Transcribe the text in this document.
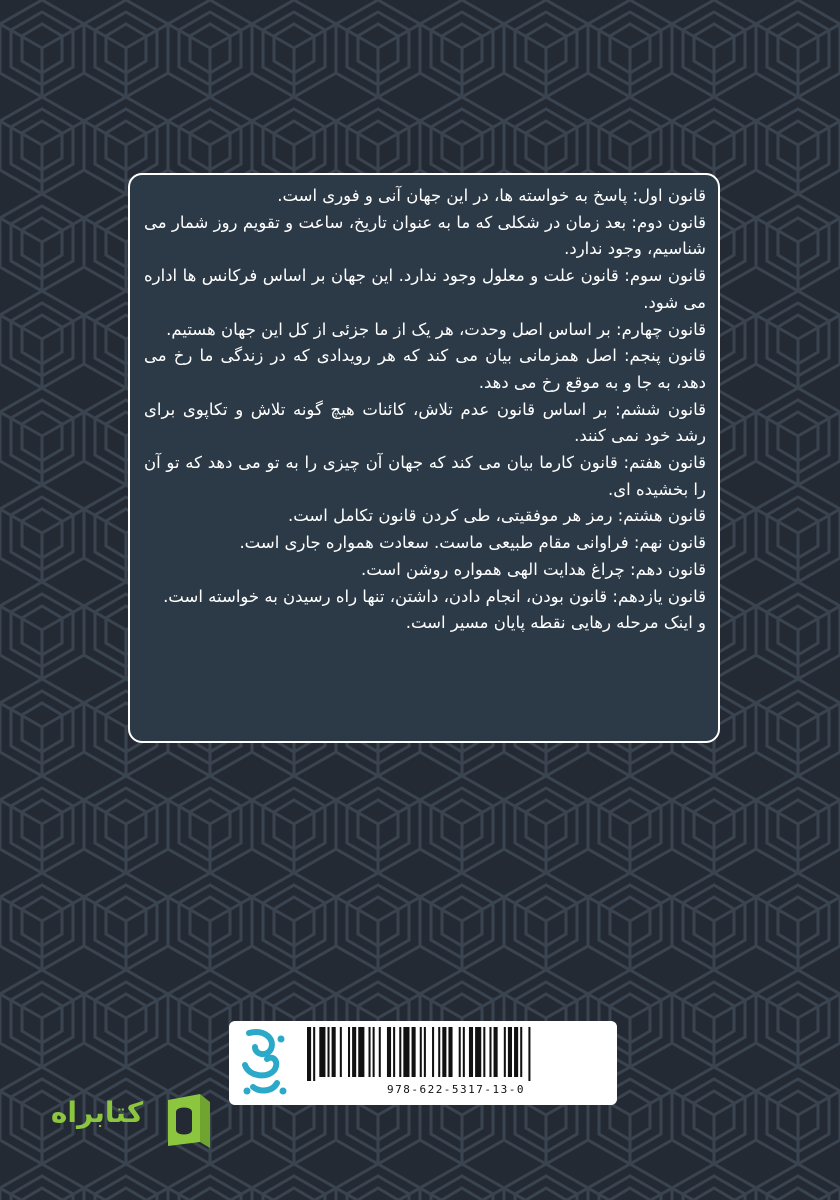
قانون اول: پاسخ به خواسته ها، در این جهان آنی و فوری است.

قانون دوم: بعد زمان در شکلی که ما به عنوان تاریخ، ساعت و تقویم روز شمار می شناسیم، وجود ندارد.

قانون سوم: قانون علت و معلول وجود ندارد. این جهان بر اساس فرکانس ها اداره می شود.

قانون چهارم: بر اساس اصل وحدت، هر یک از ما جزئی از کل این جهان هستیم.

قانون پنجم: اصل همزمانی بیان می کند که هر رویدادی که در زندگی ما رخ می دهد، به جا و به موقع رخ می دهد.

قانون ششم: بر اساس قانون عدم تلاش، کائنات هیچ گونه تلاش و تکاپوی برای رشد خود نمی کنند.

قانون هفتم: قانون کارما بیان می کند که جهان آن چیزی را به تو می دهد که تو آن را بخشیده ای.

قانون هشتم: رمز هر موفقیتی، طی کردن قانون تکامل است.

قانون نهم: فراوانی مقام طبیعی ماست. سعادت همواره جاری است.

قانون دهم: چراغ هدایت الهی همواره روشن است.

قانون یازدهم: قانون بودن، انجام دادن، داشتن، تنها راه رسیدن به خواسته است.

و اینک مرحله رهایی نقطه پایان مسیر است.

978-622-5317-13-0
کتابراه
